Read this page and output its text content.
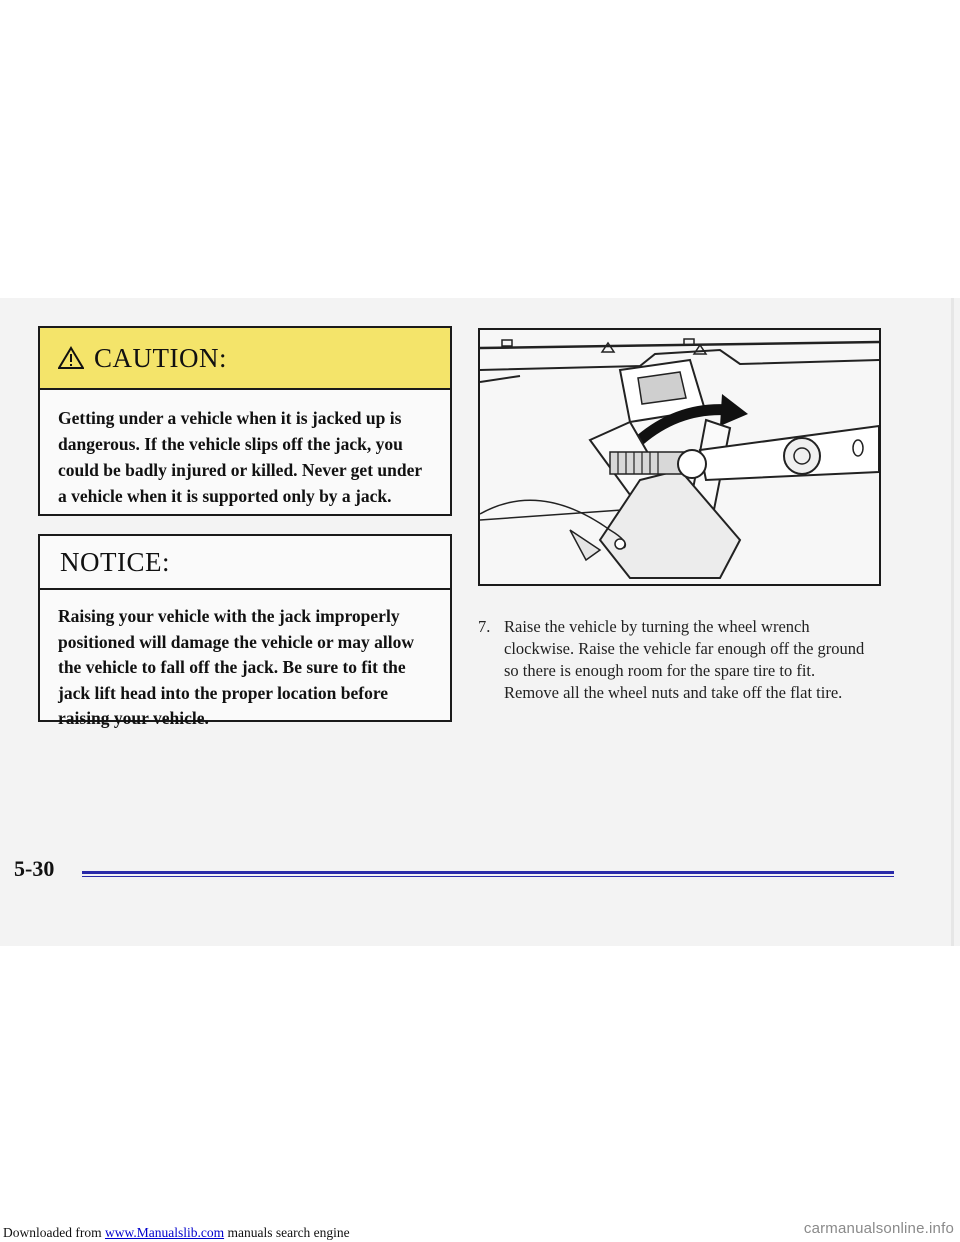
CAUTION:
Getting under a vehicle when it is jacked up is dangerous. If the vehicle slips off the jack, you could be badly injured or killed. Never get under a vehicle when it is supported only by a jack.
NOTICE:
Raising your vehicle with the jack improperly positioned will damage the vehicle or may allow the vehicle to fall off the jack. Be sure to fit the jack lift head into the proper location before raising your vehicle.
7. Raise the vehicle by turning the wheel wrench clockwise. Raise the vehicle far enough off the ground so there is enough room for the spare tire to fit. Remove all the wheel nuts and take off the flat tire.
5-30
Downloaded from www.Manualslib.com manuals search engine	carmanualsonline.info
